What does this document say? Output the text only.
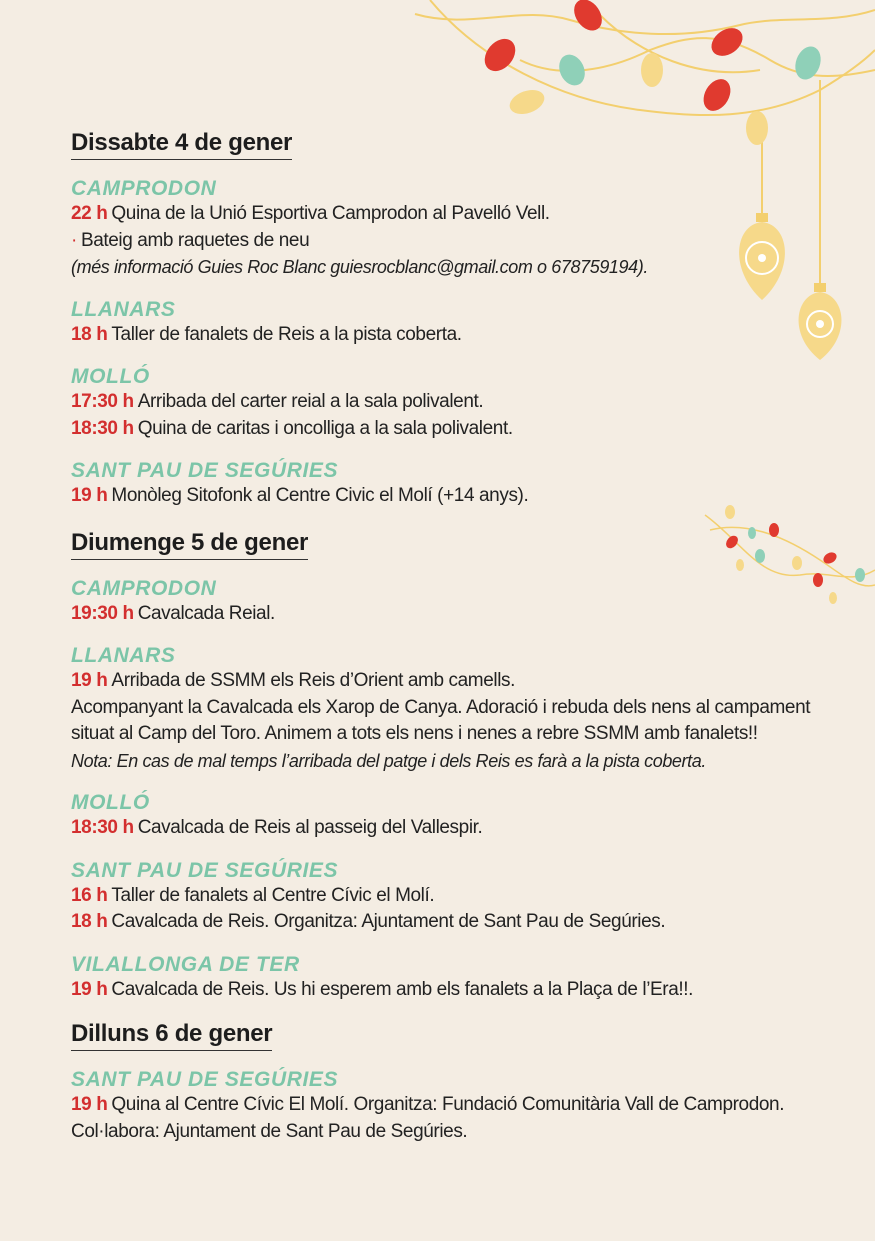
Dissabte 4 de gener
CAMPRODON
22 h Quina de la Unió Esportiva Camprodon al Pavelló Vell.
· Bateig amb raquetes de neu
(més informació Guies Roc Blanc guiesrocblanc@gmail.com o 678759194).
LLANARS
18 h Taller de fanalets de Reis a la pista coberta.
MOLLÓ
17:30 h Arribada del carter reial a la sala polivalent.
18:30 h Quina de caritas i oncolliga a la sala polivalent.
SANT PAU DE SEGÚRIES
19 h Monòleg Sitofonk al Centre Civic el Molí (+14 anys).
Diumenge 5 de gener
CAMPRODON
19:30 h Cavalcada Reial.
LLANARS
19 h Arribada de SSMM els Reis d’Orient amb camells.
Acompanyant la Cavalcada els Xarop de Canya. Adoració i rebuda dels nens al campament
situat al Camp del Toro. Animem a tots els nens i nenes a rebre SSMM amb fanalets!!
Nota: En cas de mal temps l’arribada del patge i dels Reis es farà a la pista coberta.
MOLLÓ
18:30 h Cavalcada de Reis al passeig del Vallespir.
SANT PAU DE SEGÚRIES
16 h Taller de fanalets al Centre Cívic el Molí.
18 h Cavalcada de Reis. Organitza: Ajuntament de Sant Pau de Segúries.
VILALLONGA DE TER
19 h Cavalcada de Reis. Us hi esperem amb els fanalets a la Plaça de l’Era!!.
Dilluns 6 de gener
SANT PAU DE SEGÚRIES
19 h Quina al Centre Cívic El Molí. Organitza: Fundació Comunitària Vall de Camprodon.
Col·labora: Ajuntament de Sant Pau de Segúries.
